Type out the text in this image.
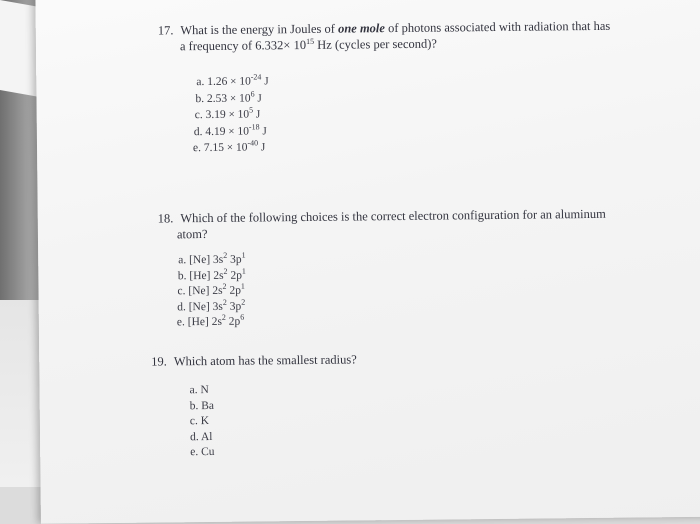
17. What is the energy in Joules of one mole of photons associated with radiation that has
a frequency of $6.332\times 10^{15}$ Hz (cycles per second)?
a. $1.26 \times 10^{-24}$ J
b. $2.53 \times 10^6$ J
c. $3.19 \times 10^5$ J
d. $4.19 \times 10^{-18}$ J
e. $7.15 \times 10^{-40}$ J
18. Which of the following choices is the correct electron configuration for an aluminum
atom?
a. [Ne] $3s^2$ $3p^1$
b. [He] $2s^2$ $2p^1$
c. [Ne] $2s^2$ $2p^1$
d. [Ne] $3s^2$ $3p^2$
e. [He] $2s^2$ $2p^6$
19. Which atom has the smallest radius?
a. N
b. Ba
c. K
d. Al
e. Cu
